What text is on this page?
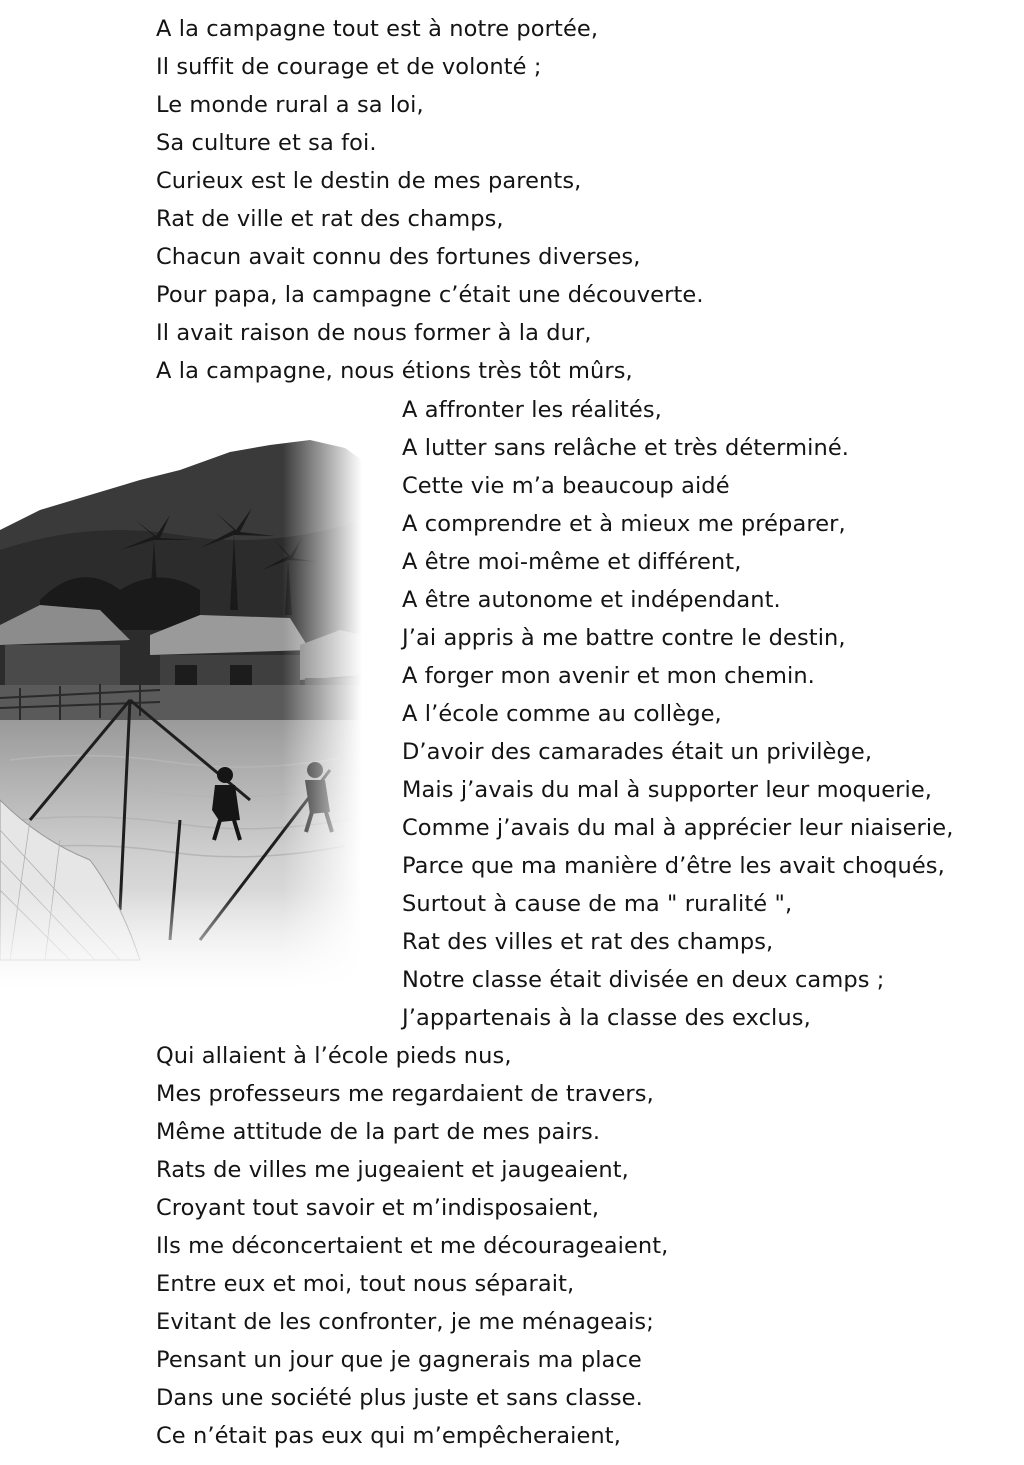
A la campagne tout est à notre portée,
Il suffit de courage et de volonté ;
Le monde rural a sa loi,
Sa culture et sa foi.
Curieux est le destin de mes parents,
Rat de ville et rat des champs,
Chacun avait connu des fortunes diverses,
Pour papa, la campagne c’était une découverte.
Il avait raison de nous former à la dur,
A la campagne, nous étions très tôt mûrs,
A affronter les réalités,
A lutter sans relâche et très déterminé.
Cette vie m’a beaucoup aidé
A comprendre et à mieux me préparer,
A être moi-même et différent,
A être autonome et indépendant.
J’ai appris à me battre contre le destin,
A forger mon avenir et mon chemin.
A l’école comme au collège,
D’avoir des camarades était un privilège,
Mais j’avais du mal à supporter leur moquerie,
Comme j’avais du mal à apprécier leur niaiserie,
Parce que ma manière d’être les avait choqués,
Surtout à cause de ma " ruralité ",
Rat des villes et rat des champs,
Notre classe était divisée en deux camps ;
J’appartenais à la classe des exclus,
Qui allaient à l’école pieds nus,
Mes professeurs me regardaient de travers,
Même attitude de la part de mes pairs.
Rats de villes me jugeaient et jaugeaient,
Croyant tout savoir et m’indisposaient,
Ils me déconcertaient et me décourageaient,
Entre eux et moi, tout nous séparait,
Evitant de les confronter, je me ménageais;
Pensant un jour que je gagnerais ma place
Dans une société plus juste et sans classe.
Ce n’était pas eux qui m’empêcheraient,
